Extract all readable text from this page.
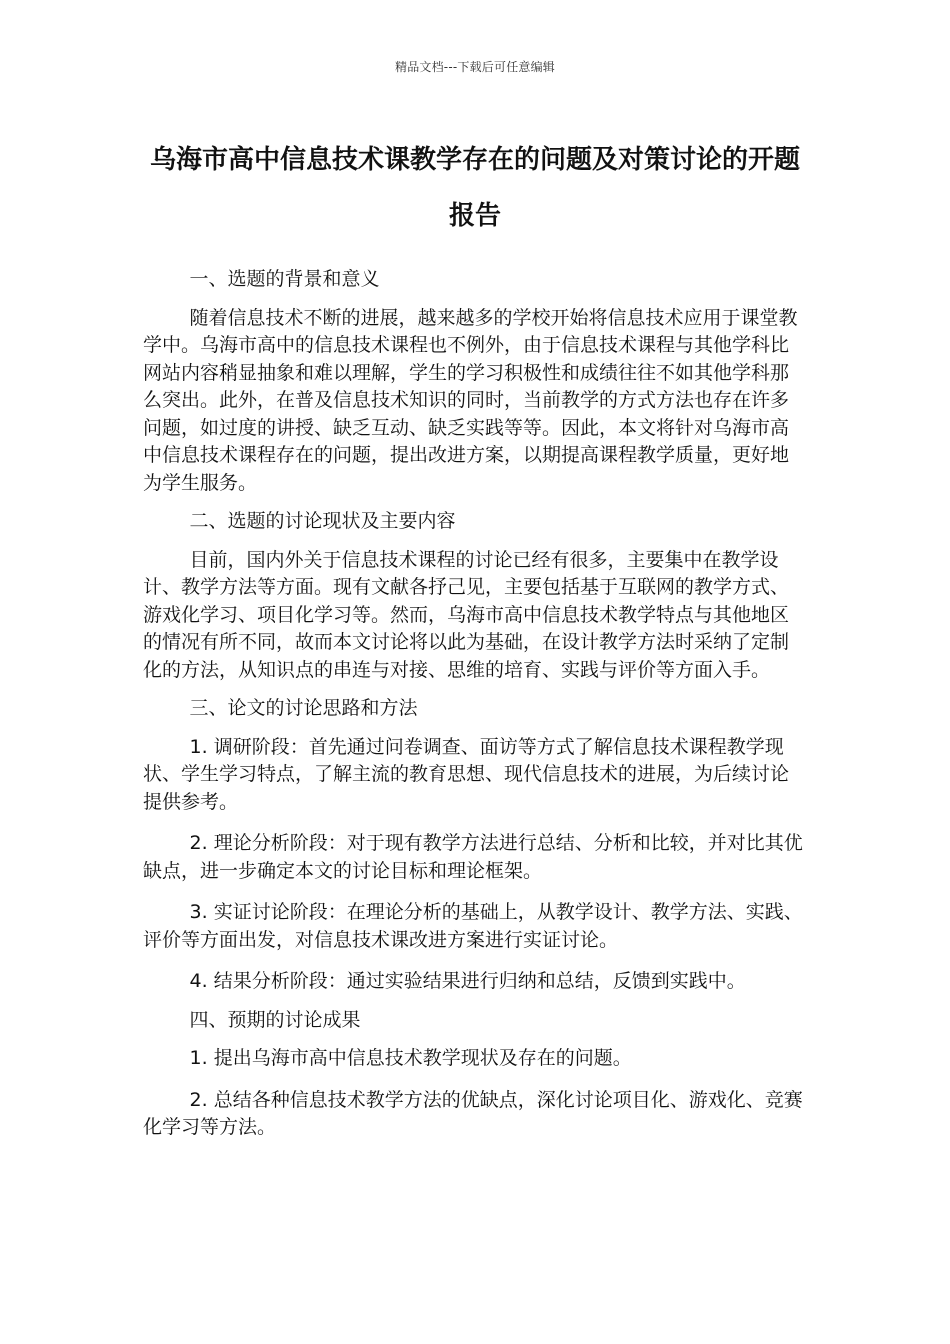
精品文档---下载后可任意编辑
乌海市高中信息技术课教学存在的问题及对策讨论的开题报告

一、选题的背景和意义

随着信息技术不断的进展，越来越多的学校开始将信息技术应用于课堂教学中。乌海市高中的信息技术课程也不例外，由于信息技术课程与其他学科比网站内容稍显抽象和难以理解，学生的学习积极性和成绩往往不如其他学科那么突出。此外，在普及信息技术知识的同时，当前教学的方式方法也存在许多问题，如过度的讲授、缺乏互动、缺乏实践等等。因此，本文将针对乌海市高中信息技术课程存在的问题，提出改进方案，以期提高课程教学质量，更好地为学生服务。

二、选题的讨论现状及主要内容

目前，国内外关于信息技术课程的讨论已经有很多，主要集中在教学设计、教学方法等方面。现有文献各抒己见，主要包括基于互联网的教学方式、游戏化学习、项目化学习等。然而，乌海市高中信息技术教学特点与其他地区的情况有所不同，故而本文讨论将以此为基础，在设计教学方法时采纳了定制化的方法，从知识点的串连与对接、思维的培育、实践与评价等方面入手。

三、论文的讨论思路和方法

1. 调研阶段：首先通过问卷调查、面访等方式了解信息技术课程教学现状、学生学习特点，了解主流的教育思想、现代信息技术的进展，为后续讨论提供参考。

2. 理论分析阶段：对于现有教学方法进行总结、分析和比较，并对比其优缺点，进一步确定本文的讨论目标和理论框架。

3. 实证讨论阶段：在理论分析的基础上，从教学设计、教学方法、实践、评价等方面出发，对信息技术课改进方案进行实证讨论。

4. 结果分析阶段：通过实验结果进行归纳和总结，反馈到实践中。

四、预期的讨论成果

1. 提出乌海市高中信息技术教学现状及存在的问题。

2. 总结各种信息技术教学方法的优缺点，深化讨论项目化、游戏化、竞赛化学习等方法。
